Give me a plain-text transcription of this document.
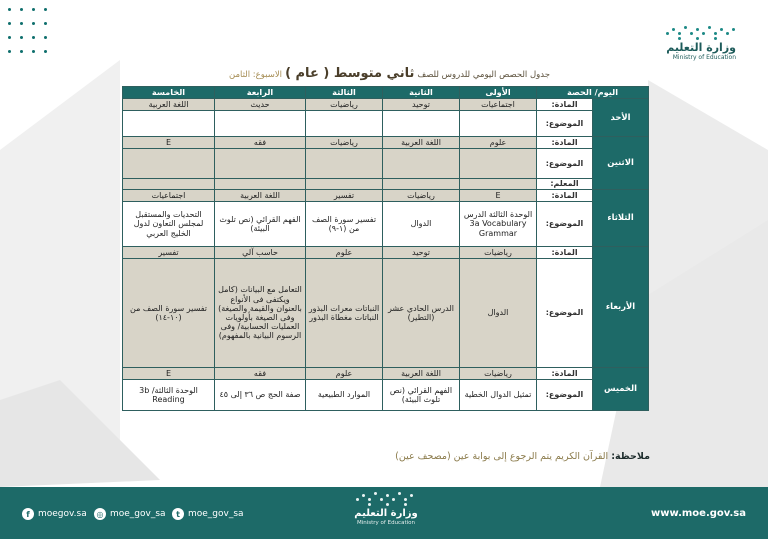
وزارة التعليم
Ministry of Education
جدول الحصص اليومي للدروس للصف ثاني متوسط ( عام ) الاسبوع: الثامن
اليوم/ الحصة		الأولى	الثانية	الثالثة	الرابعة	الخامسة
الأحد	المادة:	اجتماعيات	توحيد	رياضيات	حديث	اللغة العربية
	الموضوع:					
الاثنين	المادة:	علوم	اللغة العربية	رياضيات	فقه	E
	الموضوع:					
	المعلم:					
الثلاثاء	المادة:	E	رياضيات	تفسير	اللغة العربية	اجتماعيات
	الموضوع:	الوحدة الثالثة الدرس 3a Vocabulary Grammar	الدوال	تفسير سورة الصف من (١-٩)	الفهم القرائي (نص تلوث البيئة)	التحديات والمستقبل لمجلس التعاون لدول الخليج العربي
الأربعاء	المادة:	رياضيات	توحيد	علوم	حاسب آلي	تفسير
	الموضوع:	الدوال	الدرس الحادي عشر (التطير)	النباتات معرات البذور النباتات مغطاة البذور	التعامل مع البيانات (كامل ويكتفى فى الأنواع بالعنوان والقيمة والصيغة) وفى الصيغة بأولويات العمليات الحسابية/ وفى الرسوم البيانية بالمفهوم)	تفسير سورة الصف من (١٠-١٤)
الخميس	المادة:	رياضيات	اللغة العربية	علوم	فقه	E
	الموضوع:	تمثيل الدوال الخطية	الفهم القرائي (نص تلوث البيئة)	الموارد الطبيعية	صفة الحج ص ٣٦ إلى ٤٥	الوحدة الثالثة/ 3b Reading
ملاحظة: القرآن الكريم يتم الرجوع إلى بوابة عين (مصحف عين)
f moegov.sa	◎ moe_gov_sa	t moe_gov_sa	وزارة التعليم
Ministry of Education
www.moe.gov.sa
